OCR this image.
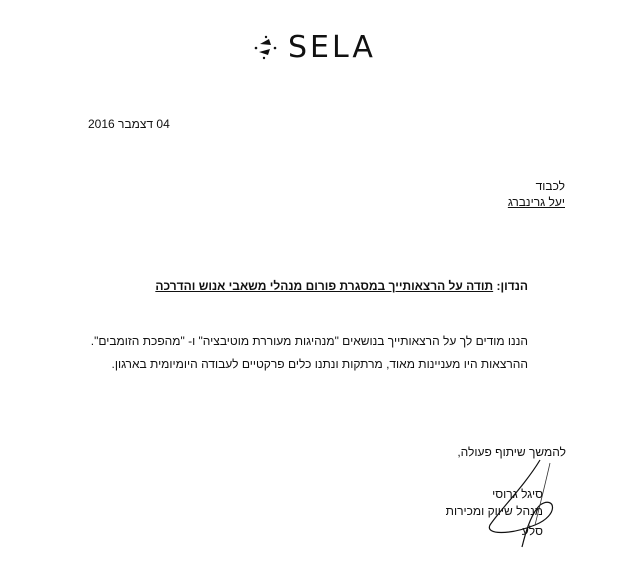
SELA
04 דצמבר 2016
לכבוד
יעל גרינברג
הנדון: תודה על הרצאותייך במסגרת פורום מנהלי משאבי אנוש והדרכה
הננו מודים לך על הרצאותייך בנושאים "מנהיגות מעוררת מוטיבציה" ו- "מהפכת הזומבים".
ההרצאות היו מעניינות מאוד, מרתקות ונתנו כלים פרקטיים לעבודה היומיומית בארגון.
להמשך שיתוף פעולה,
סיגל גרוסי
מנהל שיווק ומכירות
סלע
